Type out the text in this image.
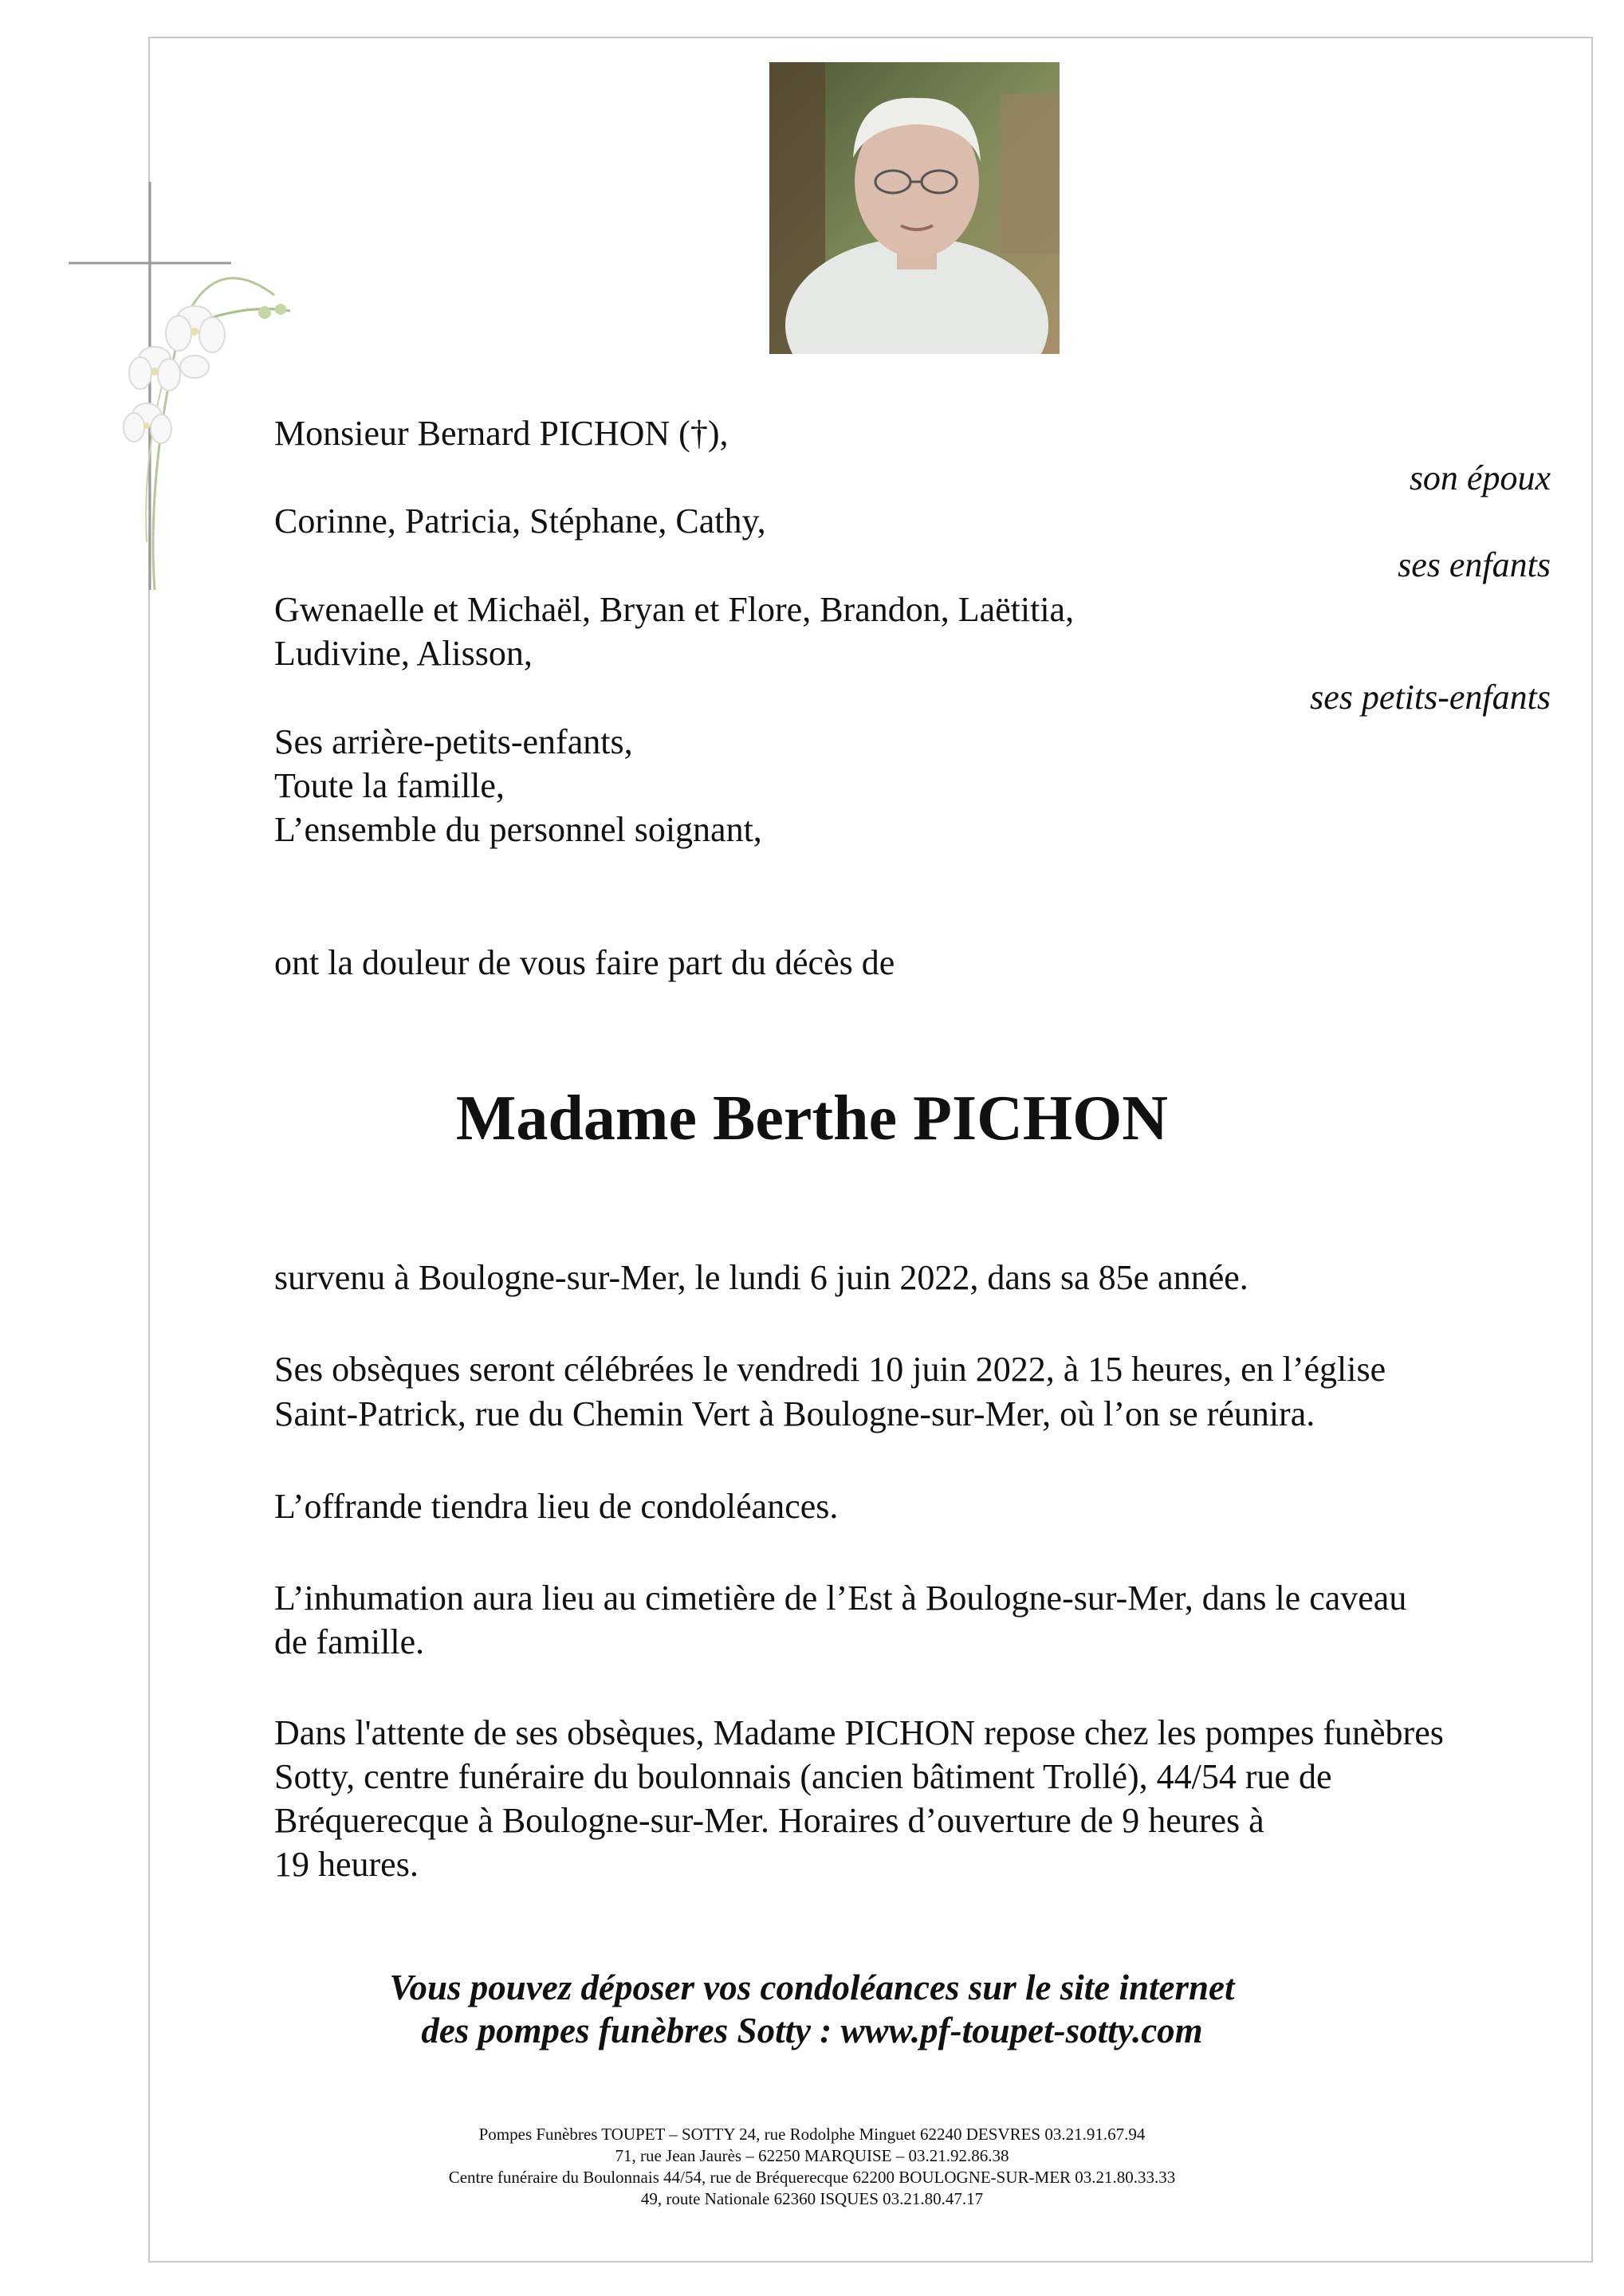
Monsieur Bernard PICHON (†),
son époux
Corinne, Patricia, Stéphane, Cathy,
ses enfants
Gwenaelle et Michaël, Bryan et Flore, Brandon, Laëtitia,
Ludivine, Alisson,
ses petits-enfants
Ses arrière-petits-enfants,
Toute la famille,
L’ensemble du personnel soignant,
ont la douleur de vous faire part du décès de
Madame Berthe PICHON
survenu à Boulogne-sur-Mer, le lundi 6 juin 2022, dans sa 85e année.
Ses obsèques seront célébrées le vendredi 10 juin 2022, à 15 heures, en l’église
Saint-Patrick, rue du Chemin Vert à Boulogne-sur-Mer, où l’on se réunira.
L’offrande tiendra lieu de condoléances.
L’inhumation aura lieu au cimetière de l’Est à Boulogne-sur-Mer, dans le caveau
de famille.
Dans l'attente de ses obsèques, Madame PICHON repose chez les pompes funèbres
Sotty, centre funéraire du boulonnais (ancien bâtiment Trollé), 44/54 rue de
Bréquerecque à Boulogne-sur-Mer. Horaires d’ouverture de 9 heures à
19 heures.
Vous pouvez déposer vos condoléances sur le site internet
des pompes funèbres Sotty : www.pf-toupet-sotty.com
Pompes Funèbres TOUPET – SOTTY 24, rue Rodolphe Minguet 62240 DESVRES 03.21.91.67.94
71, rue Jean Jaurès – 62250 MARQUISE – 03.21.92.86.38
Centre funéraire du Boulonnais 44/54, rue de Bréquerecque 62200 BOULOGNE-SUR-MER 03.21.80.33.33
49, route Nationale 62360 ISQUES 03.21.80.47.17
